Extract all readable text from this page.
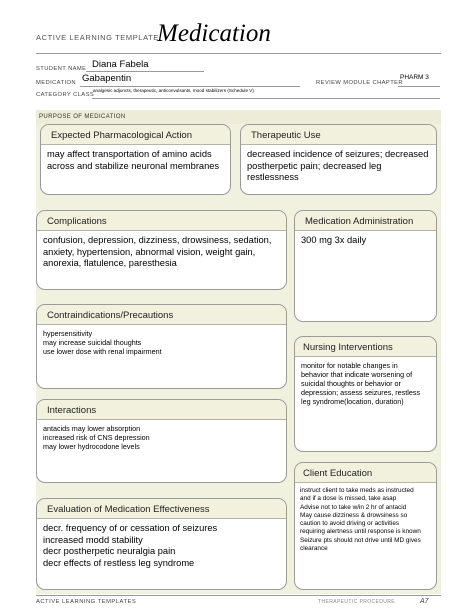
ACTIVE LEARNING TEMPLATE:
Medication
STUDENT NAME Diana Fabela
MEDICATION Gabapentin	REVIEW MODULE CHAPTER
PHARM 3
CATEGORY CLASS
analgesic adjuncts, therapeutic, anticonvulsants, mood stabilizers (Schedule V)
PURPOSE OF MEDICATION
Expected Pharmacological Action

may affect transportation of amino acids

across and stabilize neuronal membranes

Therapeutic Use

decreased incidence of seizures; decreased

postherpetic pain; decreased leg restlessness

Complications

confusion, depression, dizziness, drowsiness, sedation,

anxiety, hypertension, abnormal vision, weight gain,

anorexia, flatulence, paresthesia

Medication Administration

300 mg 3x daily

Contraindications/Precautions

hypersensitivity

may increase suicidal thoughts

use lower dose with renal impairment	Nursing Interventions

monitor for notable changes in

behavior that indicate worsening of

suicidal thoughts or behavior or

depression; assess seizures, restless

leg syndrome(location, duration)

Interactions

antacids may lower absorption

increased risk of CNS depression

may lower hydrocodone levels

Client Education

instruct client to take meds as instructed

and if a dose is missed, take asap

Advise not to take w/in 2 hr of antacid

May cause dizziness & drowsiness so

caution to avoid driving or activities

requiring alertness until response is known

Seizure pts should not drive until MD gives

clearance

Evaluation of Medication Effectiveness

decr. frequency of or cessation of seizures

increased modd stability

decr postherpetic neuralgia pain

decr effects of restless leg syndrome

ACTIVE LEARNING TEMPLATES	THERAPEUTIC PROCEDURE	A7
